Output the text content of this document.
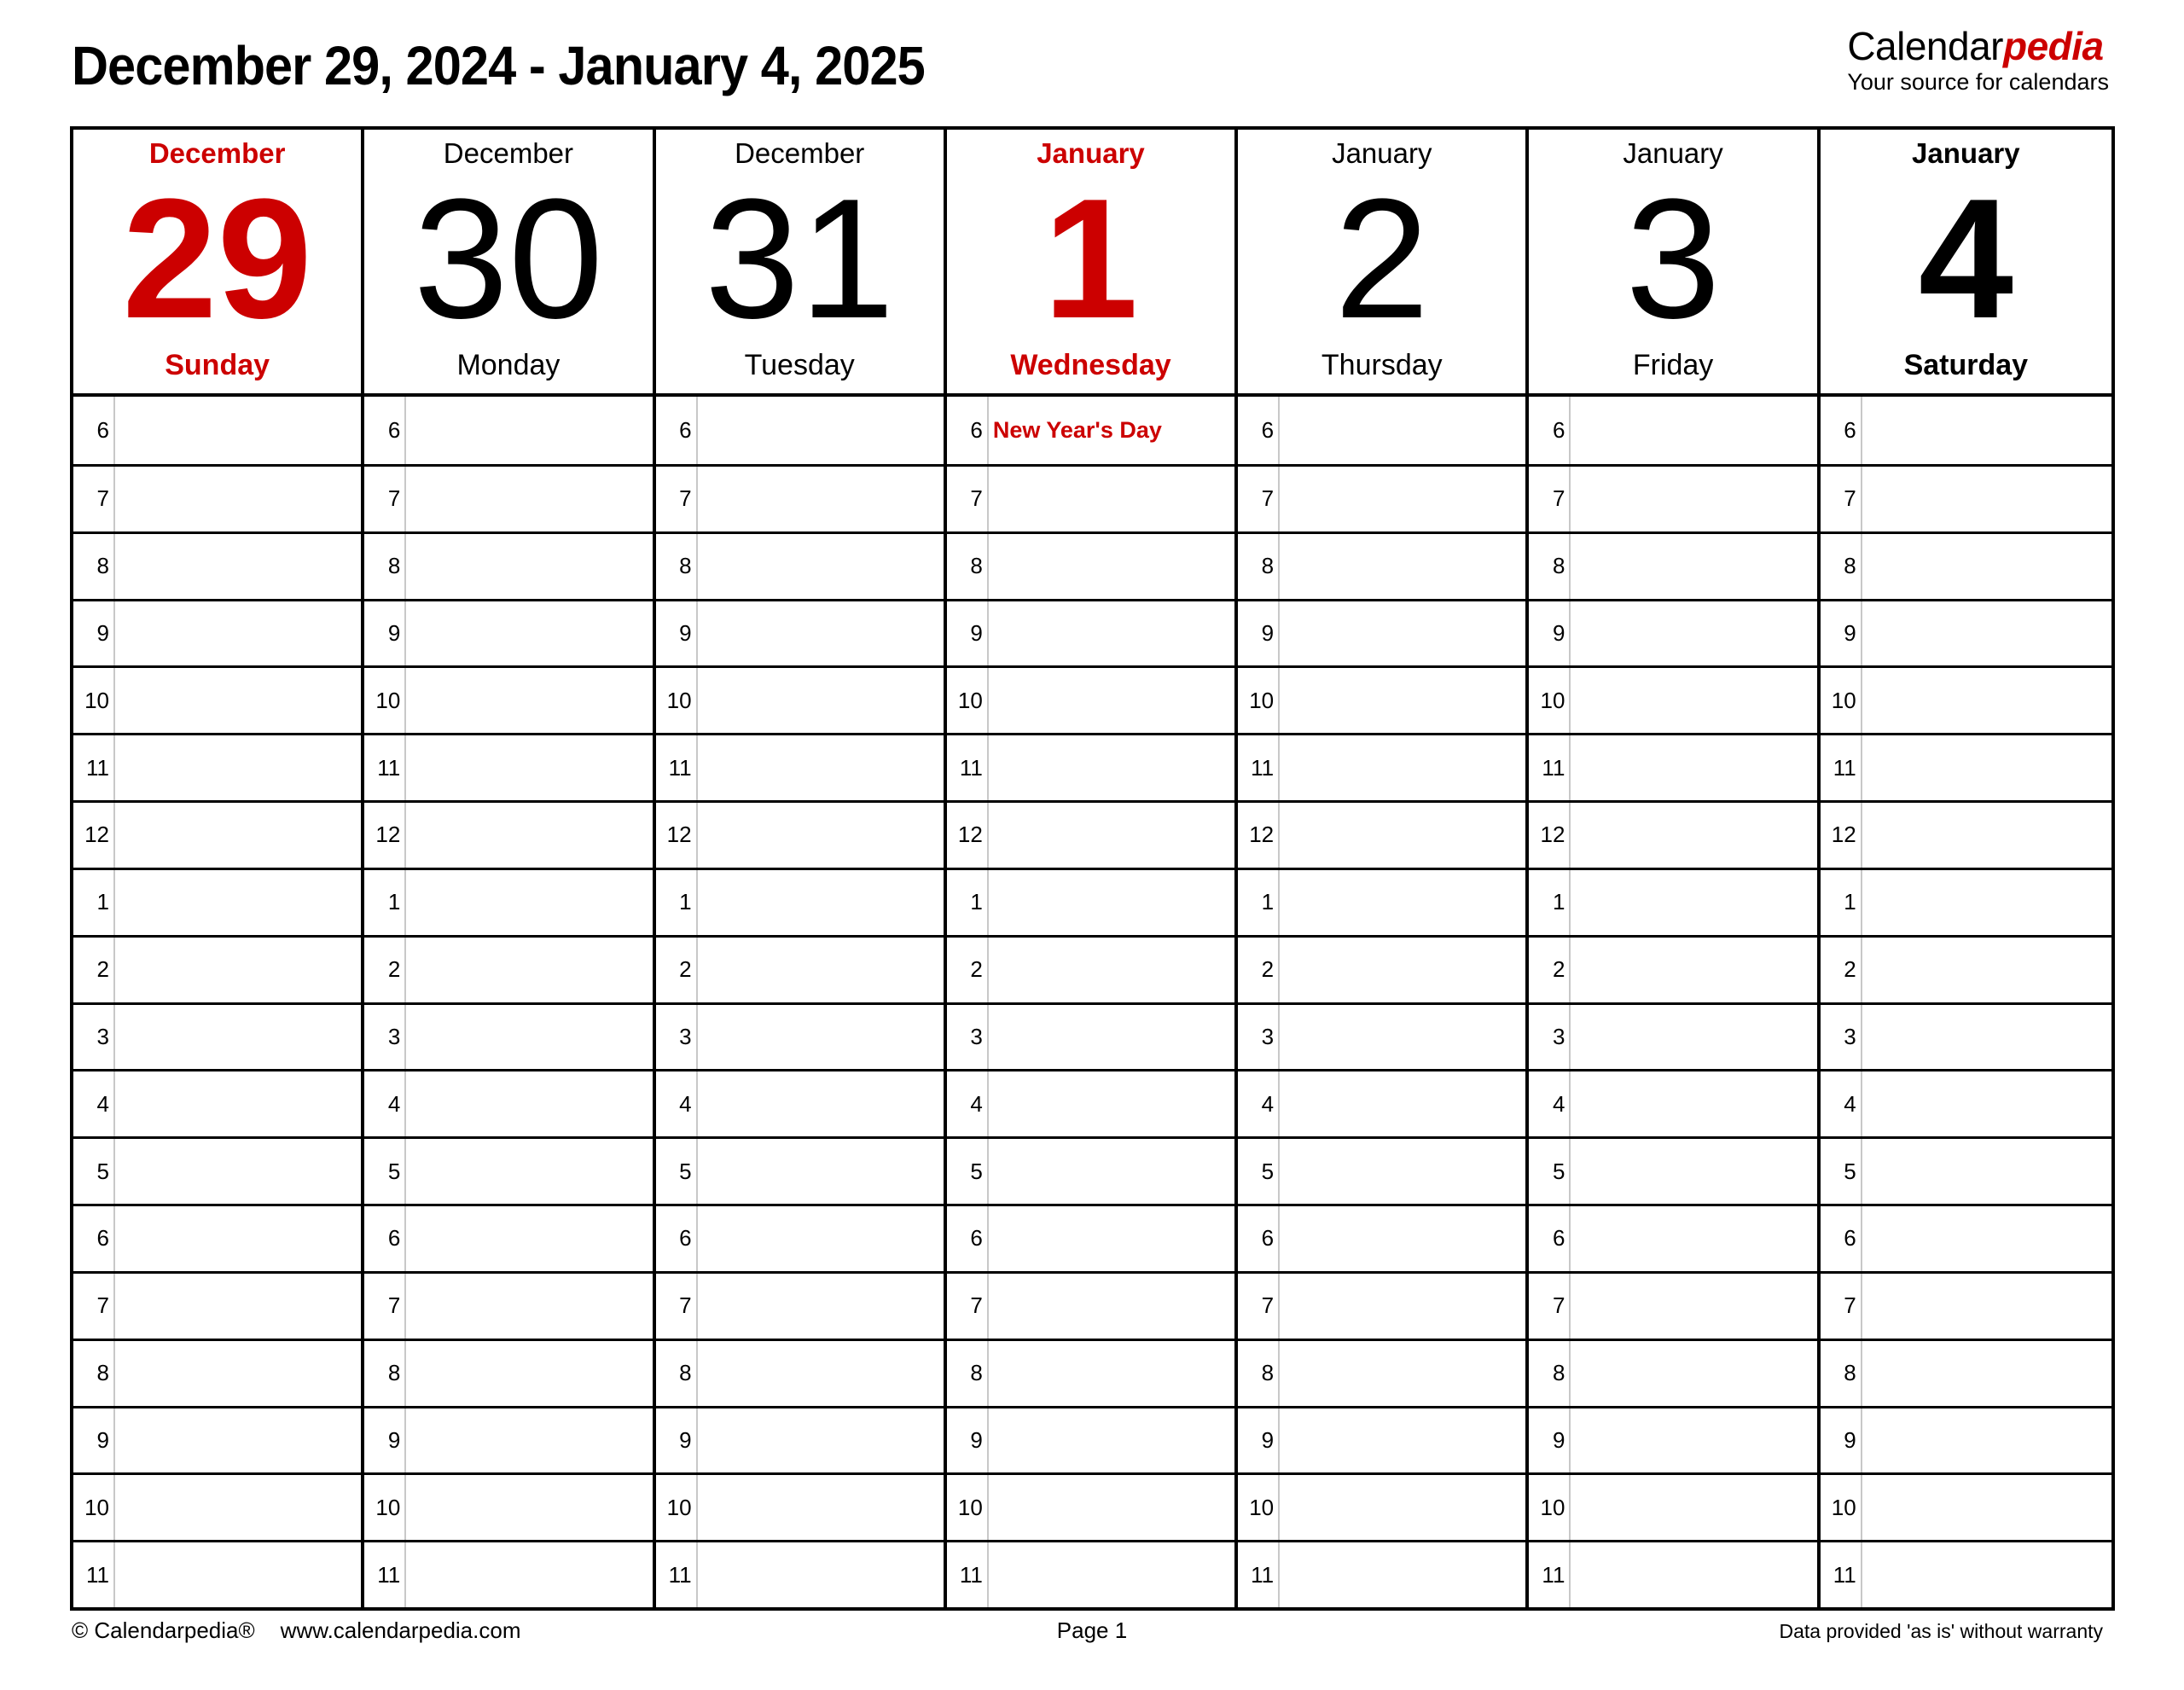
December 29, 2024 - January 4, 2025	Calendarpedia
Your source for calendars
December
29
Sunday
December
30
Monday
December
31
Tuesday
January
1
Wednesday
January
2
Thursday
January
3
Friday
January
4
Saturday
6	6	6	6 New Year's Day	6	6	6
7	7	7	7	7	7	7
8	8	8	8	8	8	8
9	9	9	9	9	9	9
10	10	10	10	10	10	10
11	11	11	11	11	11	11
12	12	12	12	12	12	12
1	1	1	1	1	1	1
2	2	2	2	2	2	2
3	3	3	3	3	3	3
4	4	4	4	4	4	4
5	5	5	5	5	5	5
6	6	6	6	6	6	6
7	7	7	7	7	7	7
8	8	8	8	8	8	8
9	9	9	9	9	9	9
10	10	10	10	10	10	10
11	11	11	11	11	11	11
© Calendarpedia® www.calendarpedia.com	Page 1	Data provided 'as is' without warranty
